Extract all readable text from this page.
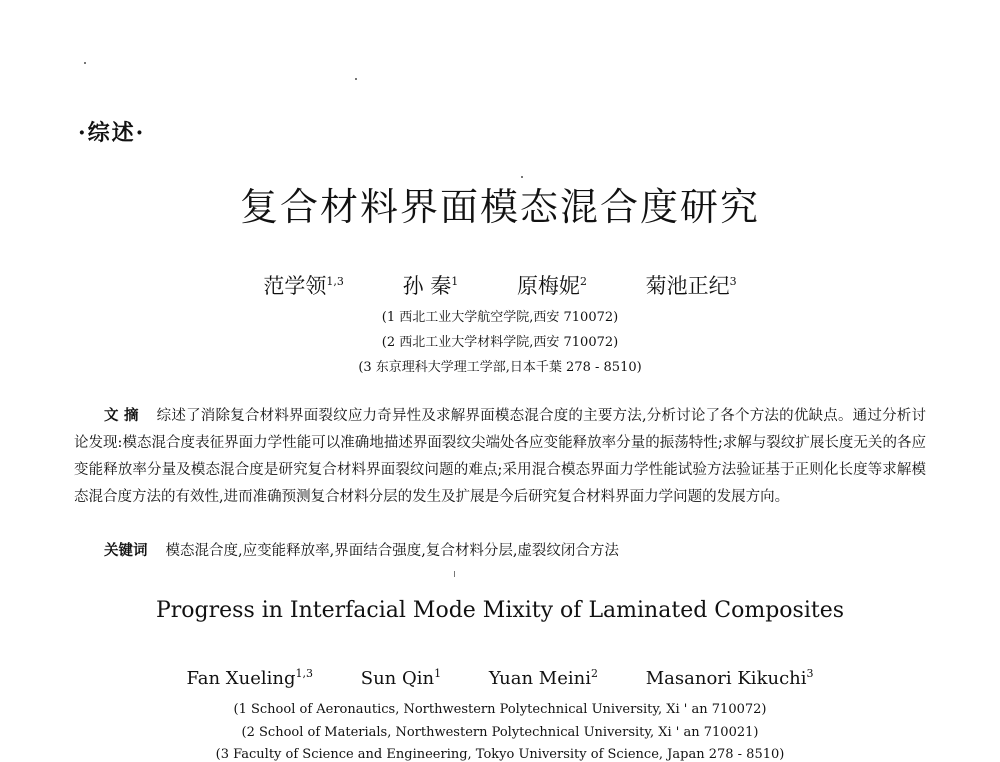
·综述·
复合材料界面模态混合度研究
范学领$^{1,3}$	孙 秦$^1$	原梅妮$^2$	菊池正纪$^3$
(1 西北工业大学航空学院,西安 710072)
(2 西北工业大学材料学院,西安 710072)
(3 东京理科大学理工学部,日本千葉 278 - 8510)
文 摘 综述了消除复合材料界面裂纹应力奇异性及求解界面模态混合度的主要方法,分析讨论了各个方法的优缺点。通过分析讨论发现:模态混合度表征界面力学性能可以准确地描述界面裂纹尖端处各应变能释放率分量的振荡特性;求解与裂纹扩展长度无关的各应变能释放率分量及模态混合度是研究复合材料界面裂纹问题的难点;采用混合模态界面力学性能试验方法验证基于正则化长度等求解模态混合度方法的有效性,进而准确预测复合材料分层的发生及扩展是今后研究复合材料界面力学问题的发展方向。
关键词 模态混合度,应变能释放率,界面结合强度,复合材料分层,虚裂纹闭合方法
Progress in Interfacial Mode Mixity of Laminated Composites
Fan Xueling$^{1,3}$	Sun Qin$^1$	Yuan Meini$^2$	Masanori Kikuchi$^3$
(1 School of Aeronautics, Northwestern Polytechnical University, Xi ' an 710072)
(2 School of Materials, Northwestern Polytechnical University, Xi ' an 710021)
(3 Faculty of Science and Engineering, Tokyo University of Science, Japan 278 - 8510)
